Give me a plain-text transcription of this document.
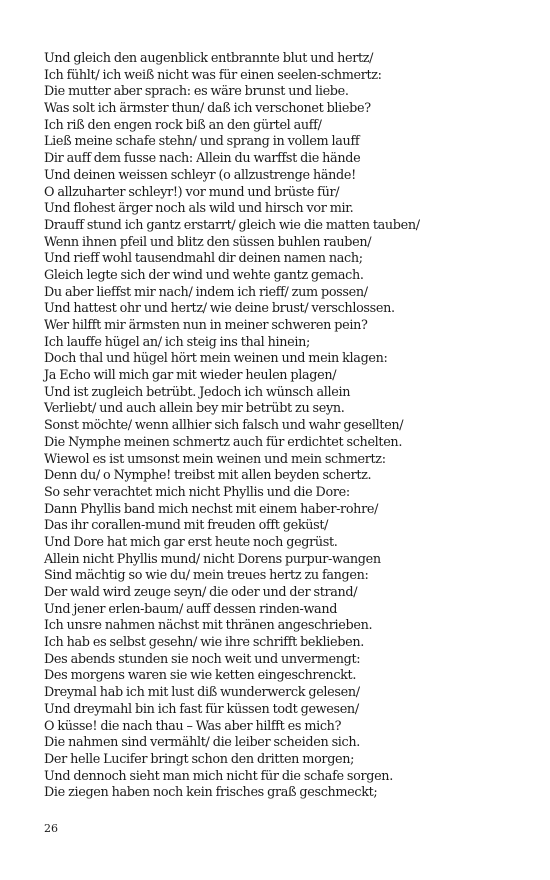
Und gleich den augenblick entbrannte blut und hertz/
Ich fühlt/ ich weiß nicht was für einen seelen-schmertz:
Die mutter aber sprach: es wäre brunst und liebe.
Was solt ich ärmster thun/ daß ich verschonet bliebe?
Ich riß den engen rock biß an den gürtel auff/
Ließ meine schafe stehn/ und sprang in vollem lauff
Dir auff dem fusse nach: Allein du warffst die hände
Und deinen weissen schleyr (o allzustrenge hände!
O allzuharter schleyr!) vor mund und brüste für/
Und flohest ärger noch als wild und hirsch vor mir.
Drauff stund ich gantz erstarrt/ gleich wie die matten tauben/
Wenn ihnen pfeil und blitz den süssen buhlen rauben/
Und rieff wohl tausendmahl dir deinen namen nach;
Gleich legte sich der wind und wehte gantz gemach.
Du aber lieffst mir nach/ indem ich rieff/ zum possen/
Und hattest ohr und hertz/ wie deine brust/ verschlossen.
Wer hilfft mir ärmsten nun in meiner schweren pein?
Ich lauffe hügel an/ ich steig ins thal hinein;
Doch thal und hügel hört mein weinen und mein klagen:
Ja Echo will mich gar mit wieder heulen plagen/
Und ist zugleich betrübt. Jedoch ich wünsch allein
Verliebt/ und auch allein bey mir betrübt zu seyn.
Sonst möchte/ wenn allhier sich falsch und wahr gesellten/
Die Nymphe meinen schmertz auch für erdichtet schelten.
Wiewol es ist umsonst mein weinen und mein schmertz:
Denn du/ o Nymphe! treibst mit allen beyden schertz.
So sehr verachtet mich nicht Phyllis und die Dore:
Dann Phyllis band mich nechst mit einem haber-rohre/
Das ihr corallen-mund mit freuden offt geküst/
Und Dore hat mich gar erst heute noch gegrüst.
Allein nicht Phyllis mund/ nicht Dorens purpur-wangen
Sind mächtig so wie du/ mein treues hertz zu fangen:
Der wald wird zeuge seyn/ die oder und der strand/
Und jener erlen-baum/ auff dessen rinden-wand
Ich unsre nahmen nächst mit thränen angeschrieben.
Ich hab es selbst gesehn/ wie ihre schrifft beklieben.
Des abends stunden sie noch weit und unvermengt:
Des morgens waren sie wie ketten eingeschrenckt.
Dreymal hab ich mit lust diß wunderwerck gelesen/
Und dreymahl bin ich fast für küssen todt gewesen/
O küsse! die nach thau – Was aber hilfft es mich?
Die nahmen sind vermählt/ die leiber scheiden sich.
Der helle Lucifer bringt schon den dritten morgen;
Und dennoch sieht man mich nicht für die schafe sorgen.
Die ziegen haben noch kein frisches graß geschmeckt;
26
